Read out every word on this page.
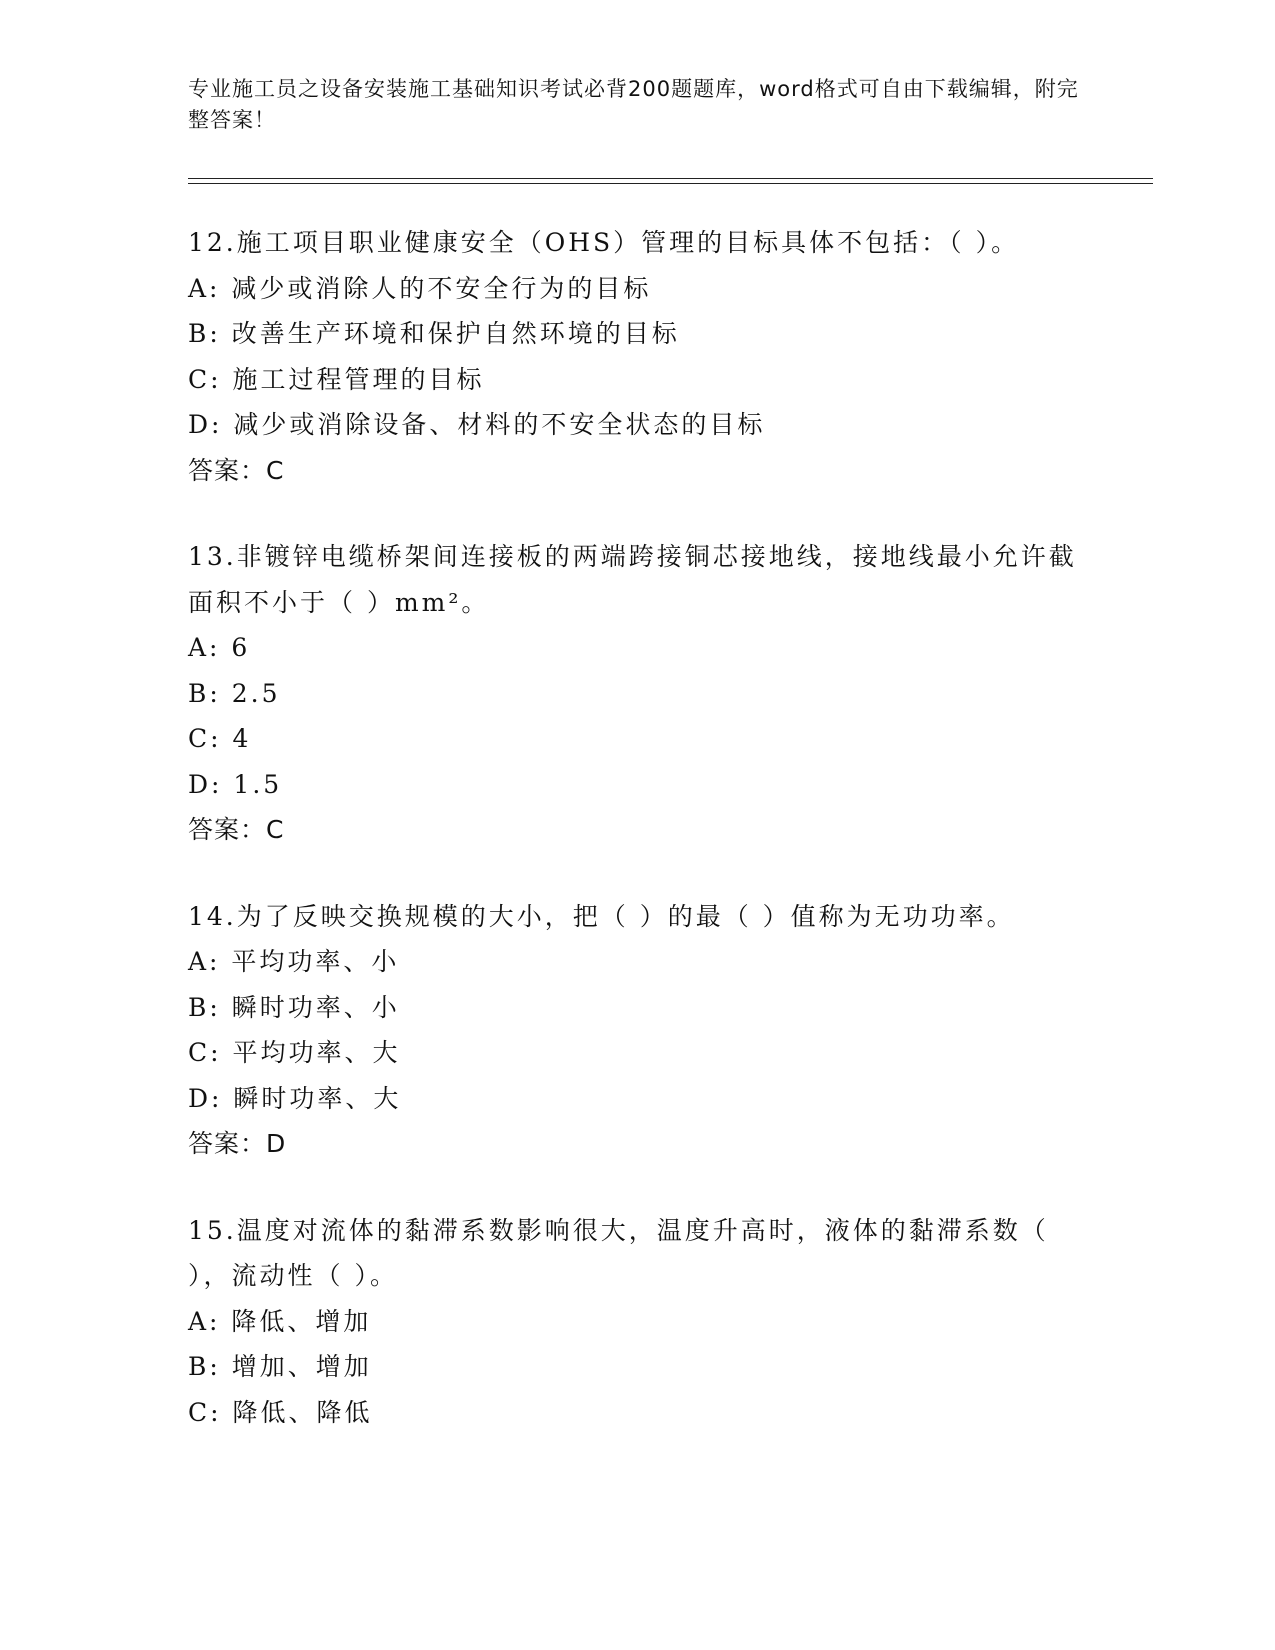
专业施工员之设备安装施工基础知识考试必背200题题库，word格式可自由下载编辑，附完整答案！
12.施工项目职业健康安全（OHS）管理的目标具体不包括：（ ）。
A: 减少或消除人的不安全行为的目标
B: 改善生产环境和保护自然环境的目标
C: 施工过程管理的目标
D: 减少或消除设备、材料的不安全状态的目标
答案：C
13.非镀锌电缆桥架间连接板的两端跨接铜芯接地线，接地线最小允许截面积不小于（ ）mm²。
A: 6
B: 2.5
C: 4
D: 1.5
答案：C
14.为了反映交换规模的大小，把（ ）的最（ ）值称为无功功率。
A: 平均功率、小
B: 瞬时功率、小
C: 平均功率、大
D: 瞬时功率、大
答案：D
15.温度对流体的黏滞系数影响很大，温度升高时，液体的黏滞系数（ ），流动性（ ）。
A: 降低、增加
B: 增加、增加
C: 降低、降低
